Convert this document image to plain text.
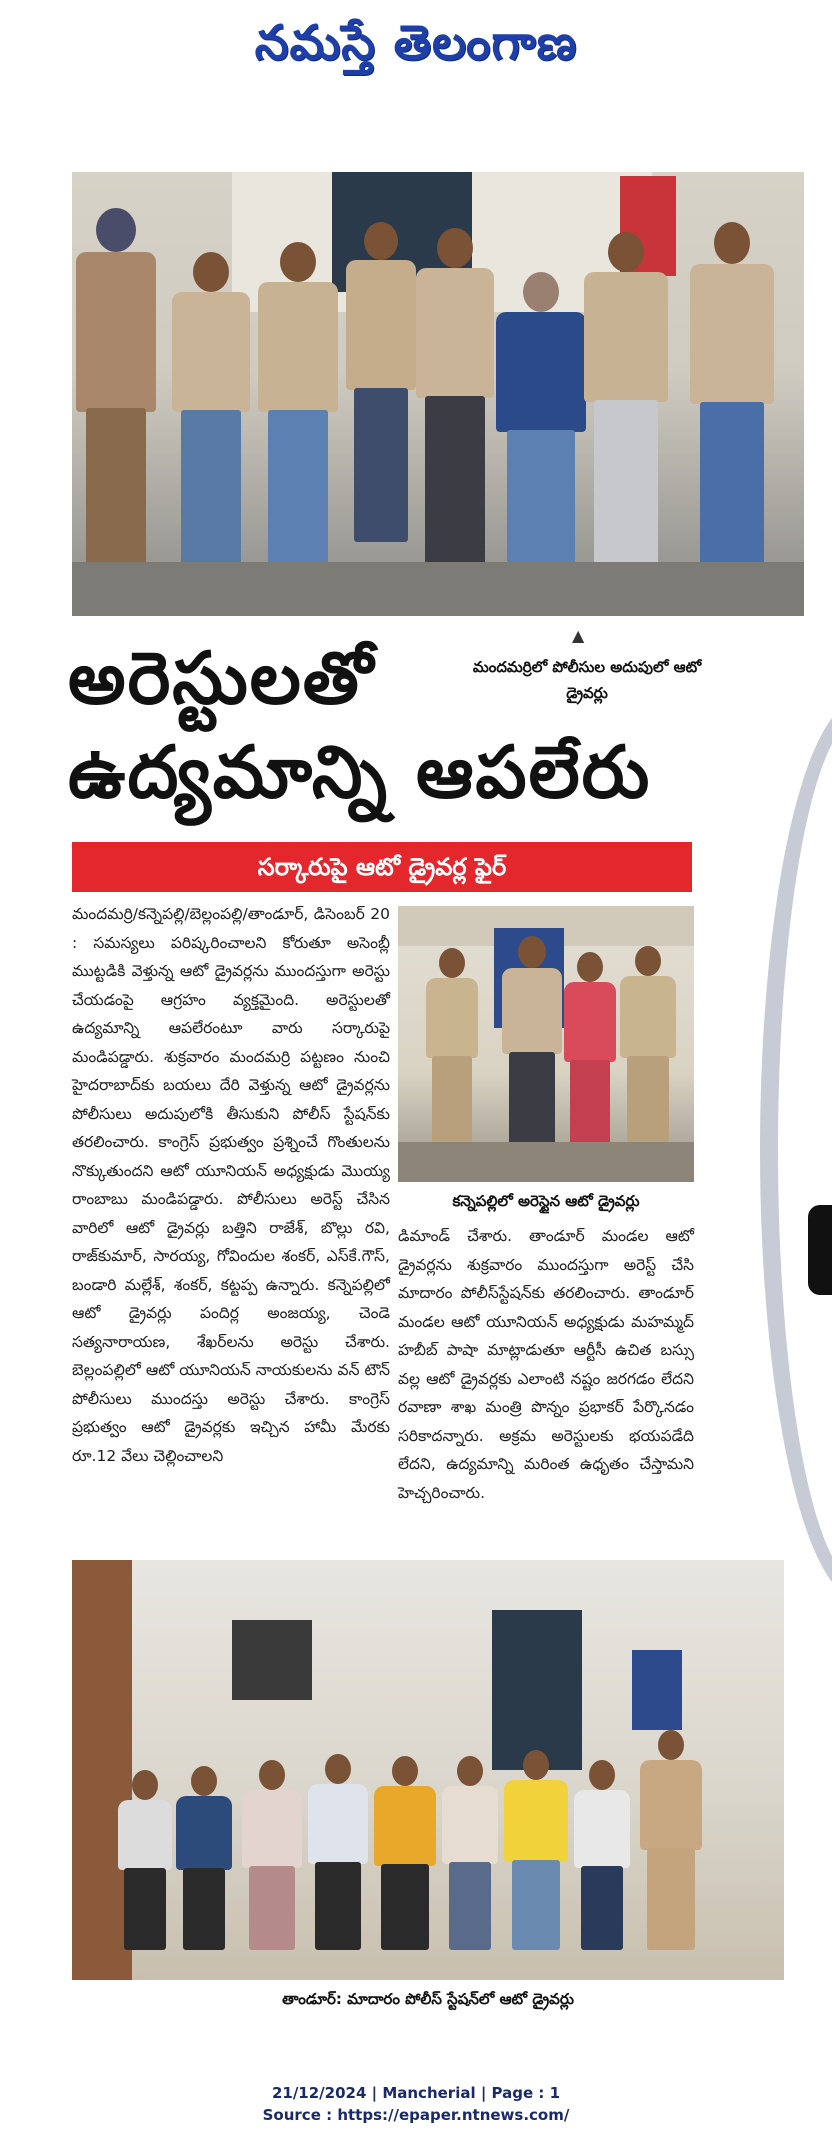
నమస్తే తెలంగాణ
అరెస్టులతో
ఉద్యమాన్ని ఆపలేరు
▲
మందమర్రిలో పోలీసుల అదుపులో ఆటో డ్రైవర్లు
సర్కారుపై ఆటో డ్రైవర్ల ఫైర్
మందమర్రి/కన్నెపల్లి/బెల్లంపల్లి/తాండూర్, డిసెంబర్ 20 : సమస్యలు పరిష్కరించాలని కోరుతూ అసెంబ్లీ ముట్టడికి వెళ్తున్న ఆటో డ్రైవర్లను ముందస్తుగా అరెస్టు చేయడంపై ఆగ్రహం వ్యక్తమైంది. అరెస్టులతో ఉద్యమాన్ని ఆపలేరంటూ వారు సర్కారుపై మండిపడ్డారు. శుక్రవారం మందమర్రి పట్టణం నుంచి హైదరాబాద్‌కు బయలు దేరి వెళ్తున్న ఆటో డ్రైవర్లను పోలీసులు అదుపులోకి తీసుకుని పోలీస్ స్టేషన్‌కు తరలించారు. కాంగ్రెస్ ప్రభుత్వం ప్రశ్నించే గొంతులను నొక్కుతుందని ఆటో యూనియన్ అధ్యక్షుడు మొయ్య రాంబాబు మండిపడ్డారు. పోలీసులు అరెస్ట్ చేసిన వారిలో ఆటో డ్రైవర్లు బత్తిని రాజేశ్, బొల్లు రవి, రాజ్‌కుమార్, సారయ్య, గోవిందుల శంకర్, ఎస్‌కే.గౌస్, బండారి మల్లేశ్, శంకర్, కట్టప్ప ఉన్నారు. కన్నెపల్లిలో ఆటో డ్రైవర్లు పందిర్ల అంజయ్య, చెండె సత్యనారాయణ, శేఖర్‌లను అరెస్టు చేశారు. బెల్లంపల్లిలో ఆటో యూనియన్ నాయకులను వన్ టౌన్ పోలీసులు ముందస్తు అరెస్టు చేశారు. కాంగ్రెస్ ప్రభుత్వం ఆటో డ్రైవర్లకు ఇచ్చిన హామీ మేరకు రూ.12 వేలు చెల్లించాలని
కన్నెపల్లిలో అరెస్టైన ఆటో డ్రైవర్లు
డిమాండ్ చేశారు. తాండూర్ మండల ఆటో డ్రైవర్లను శుక్రవారం ముందస్తుగా అరెస్ట్ చేసి మాదారం పోలీస్‌స్టేషన్‌కు తరలించారు. తాండూర్ మండల ఆటో యూనియన్ అధ్యక్షుడు మహమ్మద్ హబీబ్ పాషా మాట్లాడుతూ ఆర్టీసీ ఉచిత బస్సు వల్ల ఆటో డ్రైవర్లకు ఎలాంటి నష్టం జరగడం లేదని రవాణా శాఖ మంత్రి పొన్నం ప్రభాకర్ పేర్కొనడం సరికాదన్నారు. అక్రమ అరెస్టులకు భయపడేది లేదని, ఉద్యమాన్ని మరింత ఉధృతం చేస్తామని హెచ్చరించారు.
తాండూర్: మాదారం పోలీస్ స్టేషన్‌లో ఆటో డ్రైవర్లు
21/12/2024 | Mancherial | Page : 1
Source : https://epaper.ntnews.com/
